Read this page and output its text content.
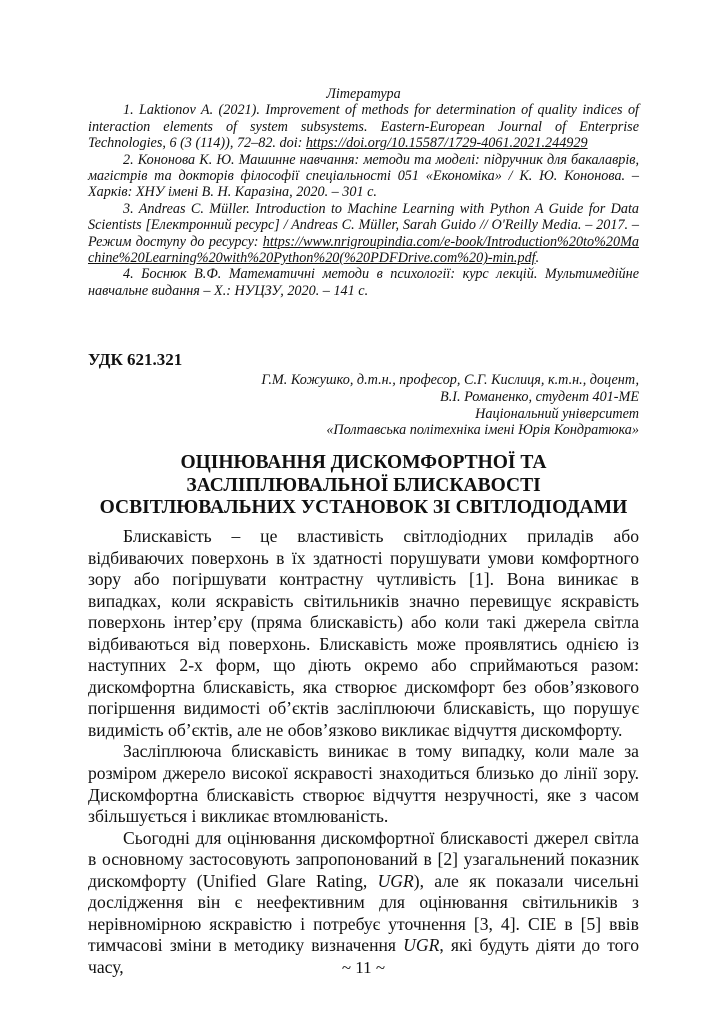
Література

1. Laktionov A. (2021). Improvement of methods for determination of quality indices of interaction elements of system subsystems. Eastern-European Journal of Enterprise Technologies, 6 (3 (114)), 72–82. doi: https://doi.org/10.15587/1729-4061.2021.244929

2. Кононова К. Ю. Машинне навчання: методи та моделі: підручник для бакалаврів, магістрів та докторів філософії спеціальності 051 «Економіка» / К. Ю. Кононова. – Харків: ХНУ імені В. Н. Каразіна, 2020. – 301 с.

3. Andreas C. Müller. Introduction to Machine Learning with Python A Guide for Data Scientists [Електронний ресурс] / Andreas C. Müller, Sarah Guido // O'Reilly Media. – 2017. – Режим доступу до ресурсу: https://www.nrigroupindia.com/e-book/Introduction%20to%20Machine%20Learning%20with%20Python%20(%20PDFDrive.com%20)-min.pdf.

4. Боснюк В.Ф. Математичні методи в психології: курс лекцій. Мультимедійне навчальне видання – Х.: НУЦЗУ, 2020. – 141 с.

УДК 621.321
Г.М. Кожушко, д.т.н., професор, С.Г. Кислиця, к.т.н., доцент,
В.І. Романенко, студент 401-МЕ
Національний університет
«Полтавська політехніка імені Юрія Кондратюка»
ОЦІНЮВАННЯ ДИСКОМФОРТНОЇ ТА
ЗАСЛІПЛЮВАЛЬНОЇ БЛИСКАВОСТІ
ОСВІТЛЮВАЛЬНИХ УСТАНОВОК ЗІ СВІТЛОДІОДАМИ

Блискавість – це властивість світлодіодних приладів або відбиваючих поверхонь в їх здатності порушувати умови комфортного зору або погіршувати контрастну чутливість [1]. Вона виникає в випадках, коли яскравість світильників значно перевищує яскравість поверхонь інтер’єру (пряма блискавість) або коли такі джерела світла відбиваються від поверхонь. Блискавість може проявлятись однією із наступних 2-х форм, що діють окремо або сприймаються разом: дискомфортна блискавість, яка створює дискомфорт без обов’язкового погіршення видимості об’єктів засліплюючи блискавість, що порушує видимість об’єктів, але не обов’язково викликає відчуття дискомфорту.

Засліплююча блискавість виникає в тому випадку, коли мале за розміром джерело високої яскравості знаходиться близько до лінії зору. Дискомфортна блискавість створює відчуття незручності, яке з часом збільшується і викликає втомлюваність.

Сьогодні для оцінювання дискомфортної блискавості джерел світла в основному застосовують запропонований в [2] узагальнений показник дискомфорту (Unified Glare Rating, UGR), але як показали чисельні дослідження він є неефективним для оцінювання світильників з нерівномірною яскравістю і потребує уточнення [3, 4]. CIE в [5] ввів тимчасові зміни в методику визначення UGR, які будуть діяти до того часу,	~ 11 ~
